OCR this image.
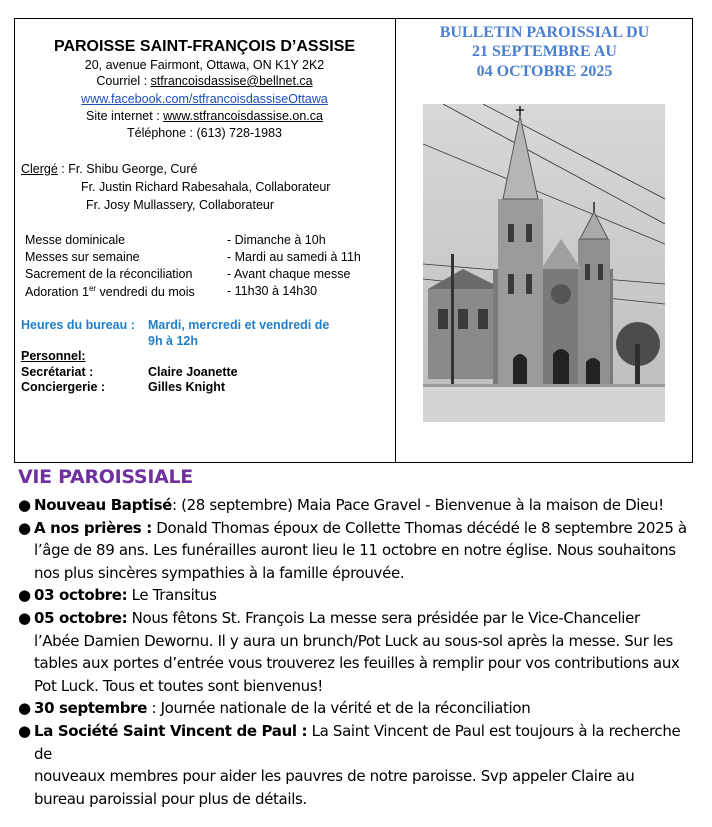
PAROISSE SAINT-FRANÇOIS D’ASSISE
20, avenue Fairmont, Ottawa, ON K1Y 2K2
Courriel : stfrancoisdassise@bellnet.ca
www.facebook.com/stfrancoisdassiseOttawa
Site internet : www.stfrancoisdassise.on.ca
Téléphone : (613) 728-1983
Clergé : Fr. Shibu George, Curé
Fr. Justin Richard Rabesahala, Collaborateur
Fr. Josy Mullassery, Collaborateur
Messe dominicale	- Dimanche à 10h
Messes sur semaine	- Mardi au samedi à 11h
Sacrement de la réconciliation	- Avant chaque messe
Adoration 1er vendredi du mois	- 11h30 à 14h30
Heures du bureau : Mardi, mercredi et vendredi de
9h à 12h
Personnel:
Secrétariat :	Claire Joanette
Conciergerie :	Gilles Knight
BULLETIN PAROISSIAL DU
21 SEPTEMBRE AU
04 OCTOBRE 2025
VIE PAROISSIALE
● Nouveau Baptisé: (28 septembre) Maia Pace Gravel - Bienvenue à la maison de Dieu!
● A nos prières : Donald Thomas époux de Collette Thomas décédé le 8 septembre 2025 à
l’âge de 89 ans. Les funérailles auront lieu le 11 octobre en notre église. Nous souhaitons
nos plus sincères sympathies à la famille éprouvée.
● 03 octobre: Le Transitus
● 05 octobre: Nous fêtons St. François La messe sera présidée par le Vice-Chancelier
l’Abée Damien Dewornu. Il y aura un brunch/Pot Luck au sous-sol après la messe. Sur les
tables aux portes d’entrée vous trouverez les feuilles à remplir pour vos contributions aux
Pot Luck. Tous et toutes sont bienvenus!
● 30 septembre : Journée nationale de la vérité et de la réconciliation
● La Société Saint Vincent de Paul : La Saint Vincent de Paul est toujours à la recherche de
nouveaux membres pour aider les pauvres de notre paroisse. Svp appeler Claire au
bureau paroissial pour plus de détails.
